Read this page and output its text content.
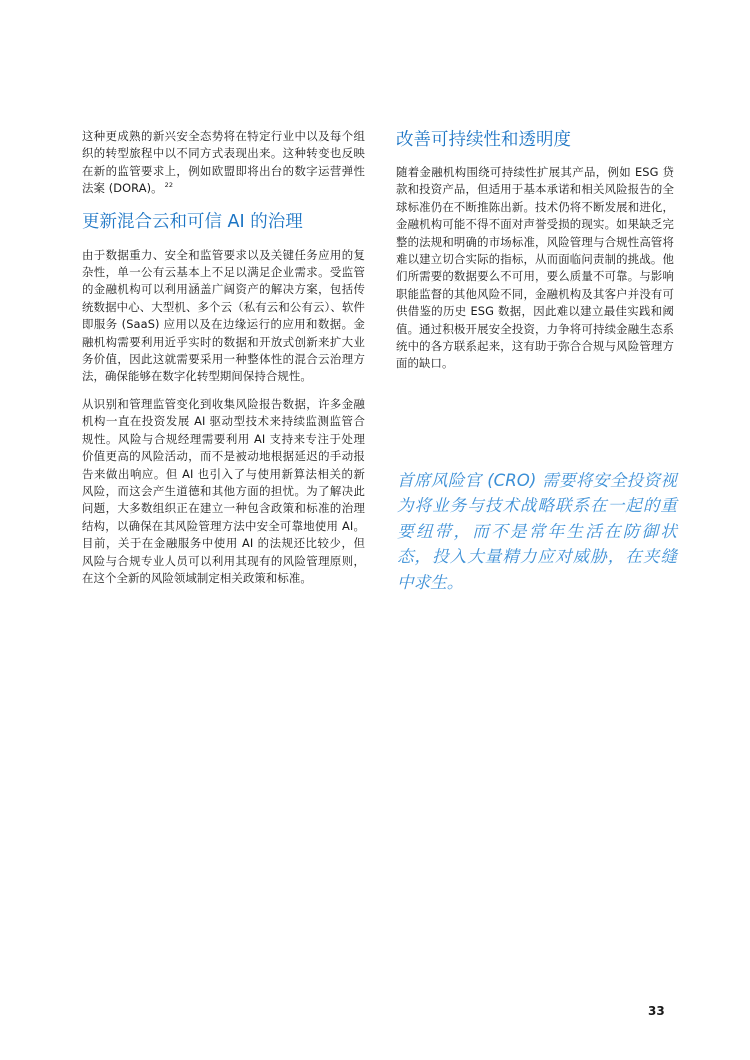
这种更成熟的新兴安全态势将在特定行业中以及每个组织的转型旅程中以不同方式表现出来。这种转变也反映在新的监管要求上，例如欧盟即将出台的数字运营弹性法案 (DORA)。 $^{22}$

更新混合云和可信 AI 的治理

由于数据重力、安全和监管要求以及关键任务应用的复杂性，单一公有云基本上不足以满足企业需求。受监管的金融机构可以利用涵盖广阔资产的解决方案，包括传统数据中心、大型机、多个云（私有云和公有云）、软件即服务 (SaaS) 应用以及在边缘运行的应用和数据。金融机构需要利用近乎实时的数据和开放式创新来扩大业务价值，因此这就需要采用一种整体性的混合云治理方法，确保能够在数字化转型期间保持合规性。

从识别和管理监管变化到收集风险报告数据，许多金融机构一直在投资发展 AI 驱动型技术来持续监测监管合规性。风险与合规经理需要利用 AI 支持来专注于处理价值更高的风险活动，而不是被动地根据延迟的手动报告来做出响应。但 AI 也引入了与使用新算法相关的新风险，而这会产生道德和其他方面的担忧。为了解决此问题，大多数组织正在建立一种包含政策和标准的治理结构，以确保在其风险管理方法中安全可靠地使用 AI。目前，关于在金融服务中使用 AI 的法规还比较少，但风险与合规专业人员可以利用其现有的风险管理原则，在这个全新的风险领域制定相关政策和标准。

改善可持续性和透明度

随着金融机构围绕可持续性扩展其产品，例如 ESG 贷款和投资产品，但适用于基本承诺和相关风险报告的全球标准仍在不断推陈出新。技术仍将不断发展和进化，金融机构可能不得不面对声誉受损的现实。如果缺乏完整的法规和明确的市场标准，风险管理与合规性高管将难以建立切合实际的指标，从而面临问责制的挑战。他们所需要的数据要么不可用，要么质量不可靠。与影响职能监督的其他风险不同，金融机构及其客户并没有可供借鉴的历史 ESG 数据，因此难以建立最佳实践和阈值。通过积极开展安全投资，力争将可持续金融生态系统中的各方联系起来，这有助于弥合合规与风险管理方面的缺口。

首席风险官 (CRO) 需要将安全投资视为将业务与技术战略联系在一起的重要纽带，而不是常年生活在防御状态，投入大量精力应对威胁，在夹缝中求生。
33
